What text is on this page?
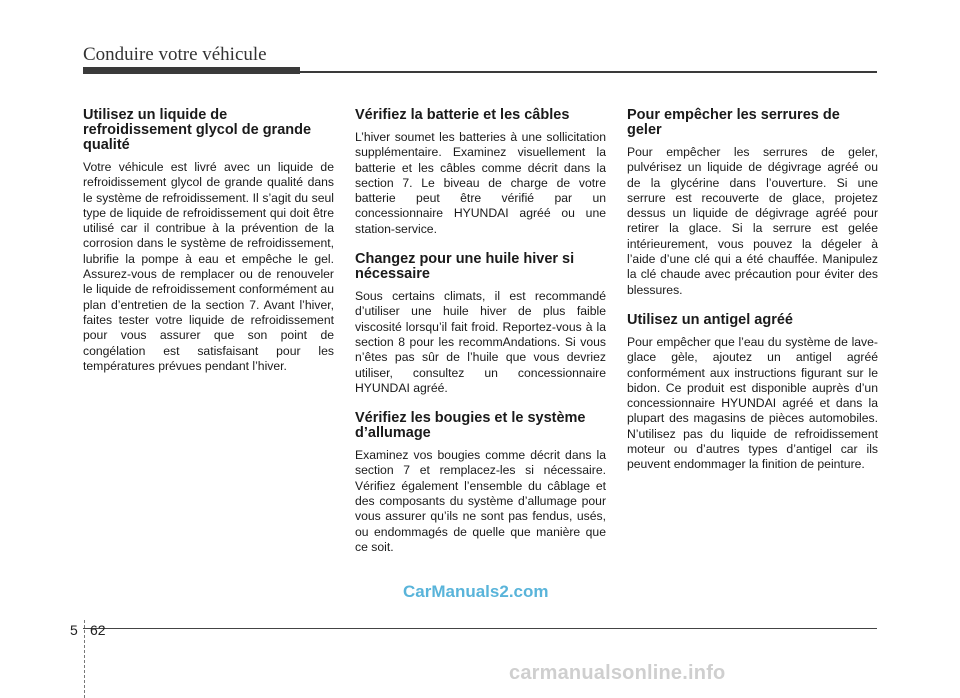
Conduire votre véhicule
Utilisez un liquide de refroidissement glycol de grande qualité

Votre véhicule est livré avec un liquide de refroidissement glycol de grande qualité dans le système de refroidissement. Il s’agit du seul type de liquide de refroidissement qui doit être utilisé car il contribue à la prévention de la corrosion dans le système de refroidissement, lubrifie la pompe à eau et empêche le gel. Assurez-vous de remplacer ou de renouveler le liquide de refroidissement conformément au plan d’entretien de la section 7. Avant l’hiver, faites tester votre liquide de refroidissement pour vous assurer que son point de congélation est satisfaisant pour les températures prévues pendant l’hiver.

Vérifiez la batterie et les câbles

L’hiver soumet les batteries à une sollicitation supplémentaire. Examinez visuellement la batterie et les câbles comme décrit dans la section 7. Le biveau de charge de votre batterie peut être vérifié par un concessionnaire HYUNDAI agréé ou une station-service.

Changez pour une huile hiver si nécessaire

Sous certains climats, il est recommandé d’utiliser une huile hiver de plus faible viscosité lorsqu’il fait froid. Reportez-vous à la section 8 pour les recommAndations. Si vous n’êtes pas sûr de l’huile que vous devriez utiliser, consultez un concessionnaire HYUNDAI agréé.

Vérifiez les bougies et le système d’allumage

Examinez vos bougies comme décrit dans la section 7 et remplacez-les si nécessaire. Vérifiez également l’ensemble du câblage et des composants du système d’allumage pour vous assurer qu’ils ne sont pas fendus, usés, ou endommagés de quelle que manière que ce soit.

Pour empêcher les serrures de geler

Pour empêcher les serrures de geler, pulvérisez un liquide de dégivrage agréé ou de la glycérine dans l’ouverture. Si une serrure est recouverte de glace, projetez dessus un liquide de dégivrage agréé pour retirer la glace. Si la serrure est gelée intérieurement, vous pouvez la dégeler à l’aide d’une clé qui a été chauffée. Manipulez la clé chaude avec précaution pour éviter des blessures.

Utilisez un antigel agréé

Pour empêcher que l’eau du système de lave-glace gèle, ajoutez un antigel agréé conformément aux instructions figurant sur le bidon. Ce produit est disponible auprès d’un concessionnaire HYUNDAI agréé et dans la plupart des magasins de pièces automobiles. N’utilisez pas du liquide de refroidissement moteur ou d’autres types d’antigel car ils peuvent endommager la finition de peinture.

CarManuals2.com
5 62
carmanualsonline.info
